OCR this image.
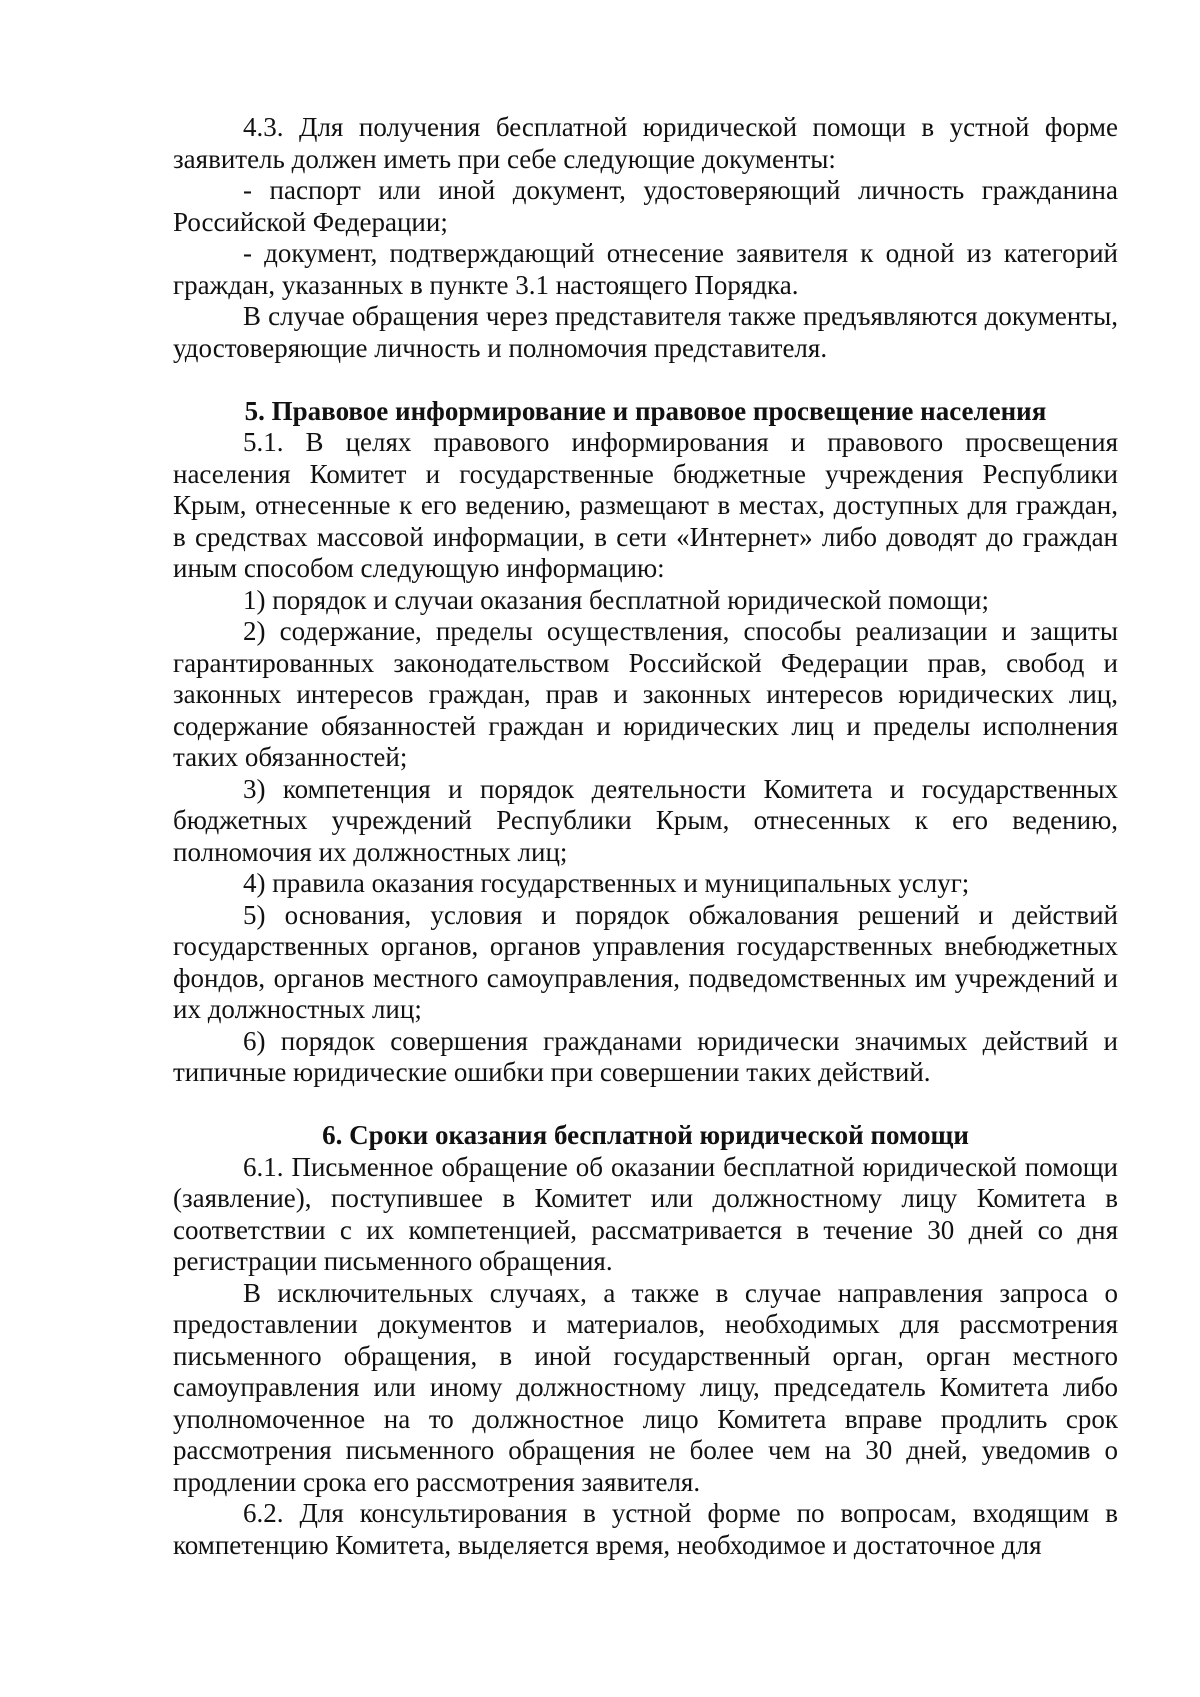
4.3. Для получения бесплатной юридической помощи в устной форме заявитель должен иметь при себе следующие документы:

- паспорт или иной документ, удостоверяющий личность гражданина Российской Федерации;

- документ, подтверждающий отнесение заявителя к одной из категорий граждан, указанных в пункте 3.1 настоящего Порядка.

В случае обращения через представителя также предъявляются документы, удостоверяющие личность и полномочия представителя.

5. Правовое информирование и правовое просвещение населения

5.1. В целях правового информирования и правового просвещения населения Комитет и государственные бюджетные учреждения Республики Крым, отнесенные к его ведению, размещают в местах, доступных для граждан, в средствах массовой информации, в сети «Интернет» либо доводят до граждан иным способом следующую информацию:

1) порядок и случаи оказания бесплатной юридической помощи;

2) содержание, пределы осуществления, способы реализации и защиты гарантированных законодательством Российской Федерации прав, свобод и законных интересов граждан, прав и законных интересов юридических лиц, содержание обязанностей граждан и юридических лиц и пределы исполнения таких обязанностей;

3) компетенция и порядок деятельности Комитета и государственных бюджетных учреждений Республики Крым, отнесенных к его ведению, полномочия их должностных лиц;

4) правила оказания государственных и муниципальных услуг;

5) основания, условия и порядок обжалования решений и действий государственных органов, органов управления государственных внебюджетных фондов, органов местного самоуправления, подведомственных им учреждений и их должностных лиц;

6) порядок совершения гражданами юридически значимых действий и типичные юридические ошибки при совершении таких действий.

6. Сроки оказания бесплатной юридической помощи

6.1. Письменное обращение об оказании бесплатной юридической помощи (заявление), поступившее в Комитет или должностному лицу Комитета в соответствии с их компетенцией, рассматривается в течение 30 дней со дня регистрации письменного обращения.

В исключительных случаях, а также в случае направления запроса о предоставлении документов и материалов, необходимых для рассмотрения письменного обращения, в иной государственный орган, орган местного самоуправления или иному должностному лицу, председатель Комитета либо уполномоченное на то должностное лицо Комитета вправе продлить срок рассмотрения письменного обращения не более чем на 30 дней, уведомив о продлении срока его рассмотрения заявителя.

6.2. Для консультирования в устной форме по вопросам, входящим в компетенцию Комитета, выделяется время, необходимое и достаточное для
